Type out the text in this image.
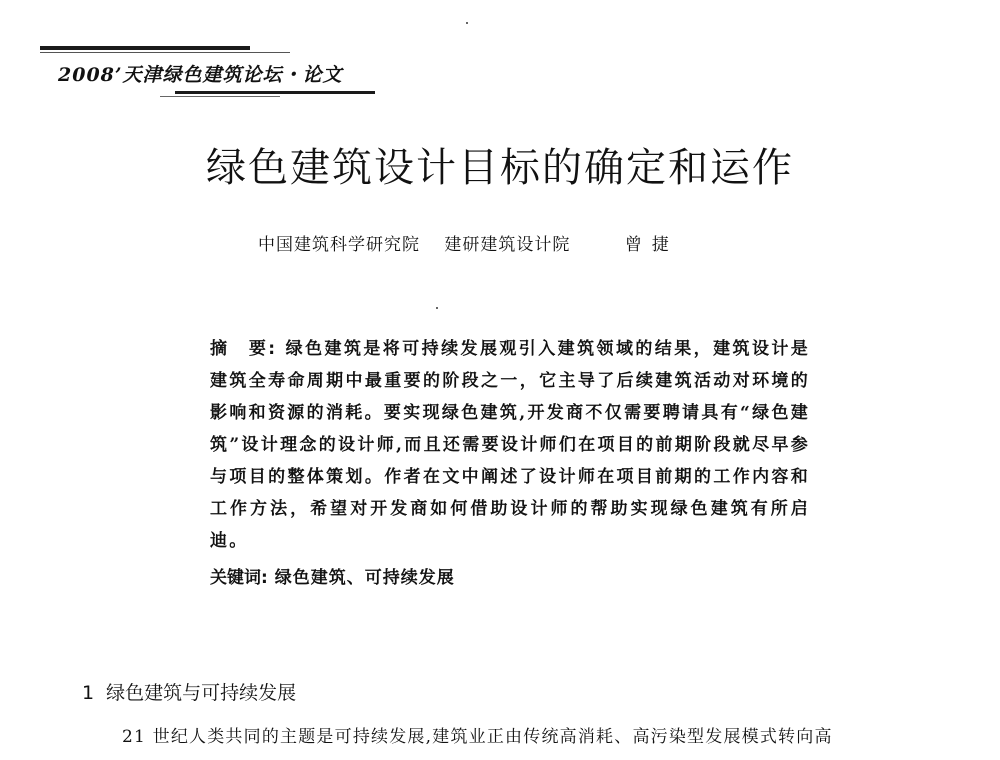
2008’天津绿色建筑论坛・论文
绿色建筑设计目标的确定和运作
中国建筑科学研究院 建研建筑设计院	曾捷
摘　要: 绿色建筑是将可持续发展观引入建筑领域的结果，建筑设计是建筑全寿命周期中最重要的阶段之一，它主导了后续建筑活动对环境的影响和资源的消耗。要实现绿色建筑,开发商不仅需要聘请具有“绿色建筑”设计理念的设计师,而且还需要设计师们在项目的前期阶段就尽早参与项目的整体策划。作者在文中阐述了设计师在项目前期的工作内容和工作方法，希望对开发商如何借助设计师的帮助实现绿色建筑有所启迪。
关键词: 绿色建筑、可持续发展
1 绿色建筑与可持续发展
21 世纪人类共同的主题是可持续发展,建筑业正由传统高消耗、高污染型发展模式转向高
